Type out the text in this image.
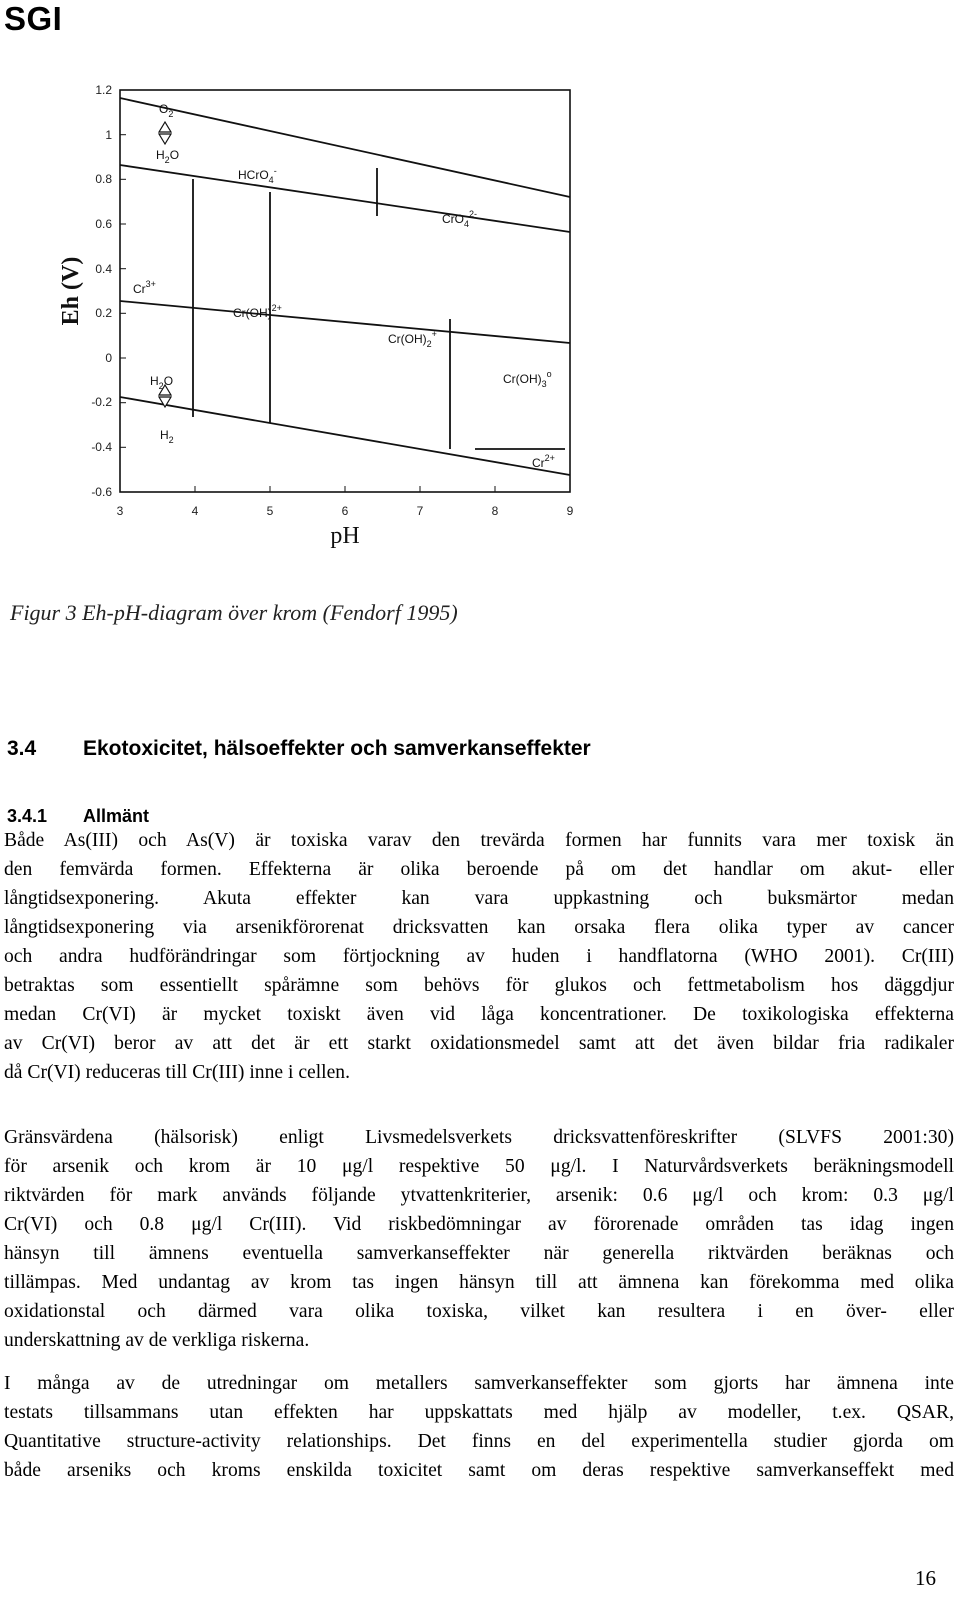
SGI
1.2
1
0.8
0.6
0.4
0.2
0
-0.2
-0.4
-0.6
3	4	5	6	7	8	9
Eh (V)
pH
$O_2$
$H_2O$
HCrO$_4$-
CrO$_4^{2-}$
$Cr^{3+}$
Cr(OH)$^{2+}$
$Cr(OH)_2^+$
$Cr(OH)_3^o$
$H_2O$
$H_2$
$Cr^{2+}$
Figur 3 Eh-pH-diagram över krom (Fendorf 1995)
3.4 Ekotoxicitet, hälsoeffekter och samverkanseffekter
3.4.1 Allmänt
Både As(III) och As(V) är toxiska varav den trevärda formen har funnits vara mer toxisk än
den femvärda formen. Effekterna är olika beroende på om det handlar om akut- eller
långtidsexponering. Akuta effekter kan vara uppkastning och buksmärtor medan
långtidsexponering via arsenikförorenat dricksvatten kan orsaka flera olika typer av cancer
och andra hudförändringar som förtjockning av huden i handflatorna (WHO 2001). Cr(III)
betraktas som essentiellt spårämne som behövs för glukos och fettmetabolism hos däggdjur
medan Cr(VI) är mycket toxiskt även vid låga koncentrationer. De toxikologiska effekterna
av Cr(VI) beror av att det är ett starkt oxidationsmedel samt att det även bildar fria radikaler
då Cr(VI) reduceras till Cr(III) inne i cellen.
Gränsvärdena (hälsorisk) enligt Livsmedelsverkets dricksvattenföreskrifter (SLVFS 2001:30)
för arsenik och krom är 10 μg/l respektive 50 μg/l. I Naturvårdsverkets beräkningsmodell
riktvärden för mark används följande ytvattenkriterier, arsenik: 0.6 μg/l och krom: 0.3 μg/l
Cr(VI) och 0.8 μg/l Cr(III). Vid riskbedömningar av förorenade områden tas idag ingen
hänsyn till ämnens eventuella samverkanseffekter när generella riktvärden beräknas och
tillämpas. Med undantag av krom tas ingen hänsyn till att ämnena kan förekomma med olika
oxidationstal och därmed vara olika toxiska, vilket kan resultera i en över- eller
underskattning av de verkliga riskerna.
I många av de utredningar om metallers samverkanseffekter som gjorts har ämnena inte
testats tillsammans utan effekten har uppskattats med hjälp av modeller, t.ex. QSAR,
Quantitative structure-activity relationships. Det finns en del experimentella studier gjorda om
både arseniks och kroms enskilda toxicitet samt om deras respektive samverkanseffekt med
16
